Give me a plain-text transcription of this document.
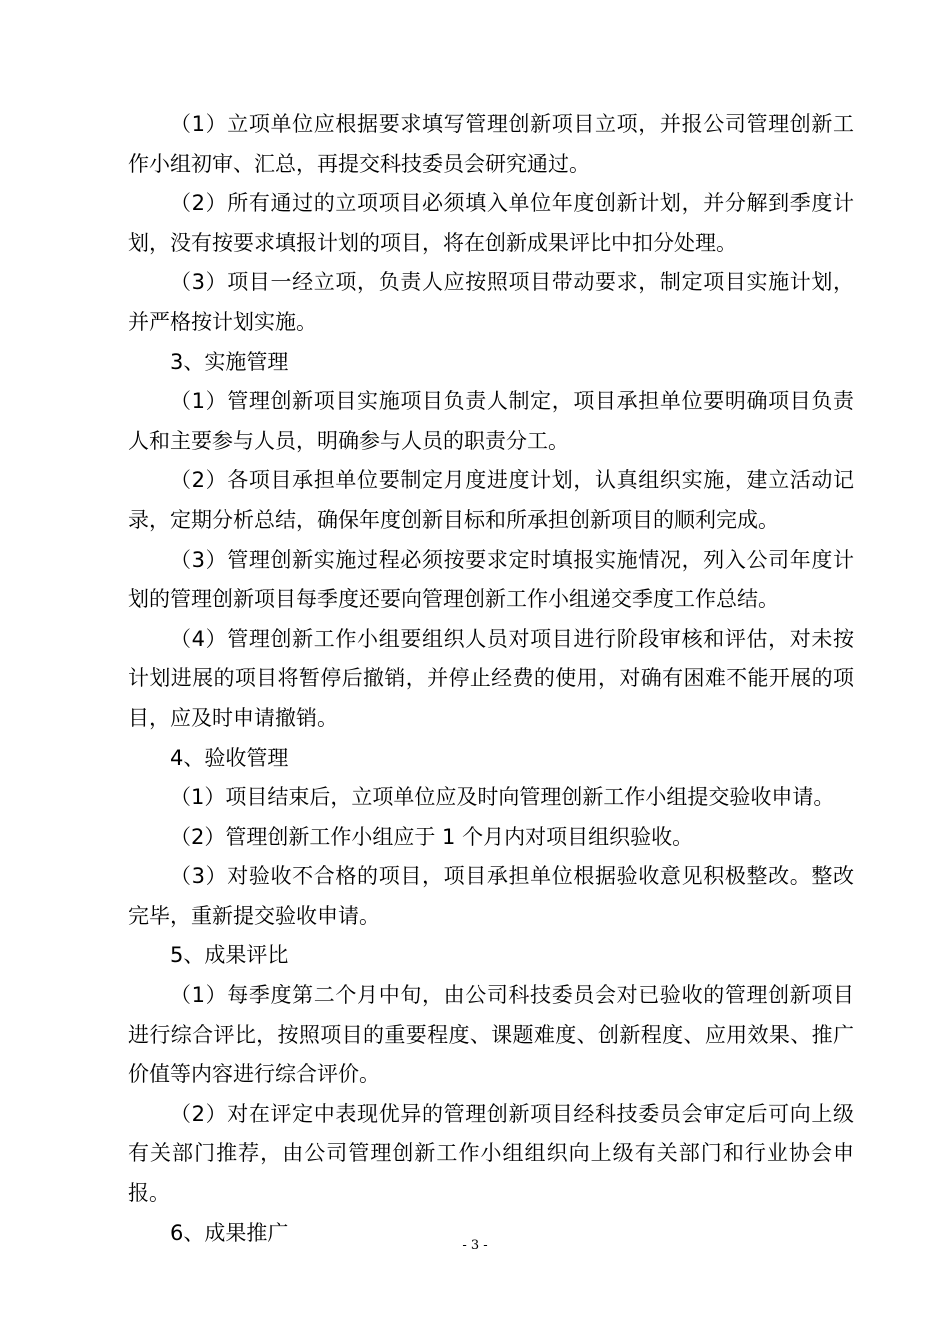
（1）立项单位应根据要求填写管理创新项目立项，并报公司管理创新工作小组初审、汇总，再提交科技委员会研究通过。

（2）所有通过的立项项目必须填入单位年度创新计划，并分解到季度计划，没有按要求填报计划的项目，将在创新成果评比中扣分处理。

（3）项目一经立项，负责人应按照项目带动要求，制定项目实施计划，并严格按计划实施。

3、实施管理

（1）管理创新项目实施项目负责人制定，项目承担单位要明确项目负责人和主要参与人员，明确参与人员的职责分工。

（2）各项目承担单位要制定月度进度计划，认真组织实施，建立活动记录，定期分析总结，确保年度创新目标和所承担创新项目的顺利完成。

（3）管理创新实施过程必须按要求定时填报实施情况，列入公司年度计划的管理创新项目每季度还要向管理创新工作小组递交季度工作总结。

（4）管理创新工作小组要组织人员对项目进行阶段审核和评估，对未按计划进展的项目将暂停后撤销，并停止经费的使用，对确有困难不能开展的项目，应及时申请撤销。

4、验收管理

（1）项目结束后，立项单位应及时向管理创新工作小组提交验收申请。

（2）管理创新工作小组应于 1 个月内对项目组织验收。

（3）对验收不合格的项目，项目承担单位根据验收意见积极整改。整改完毕，重新提交验收申请。

5、成果评比

（1）每季度第二个月中旬，由公司科技委员会对已验收的管理创新项目进行综合评比，按照项目的重要程度、课题难度、创新程度、应用效果、推广价值等内容进行综合评价。

（2）对在评定中表现优异的管理创新项目经科技委员会审定后可向上级有关部门推荐，由公司管理创新工作小组组织向上级有关部门和行业协会申报。

6、成果推广

- 3 -
